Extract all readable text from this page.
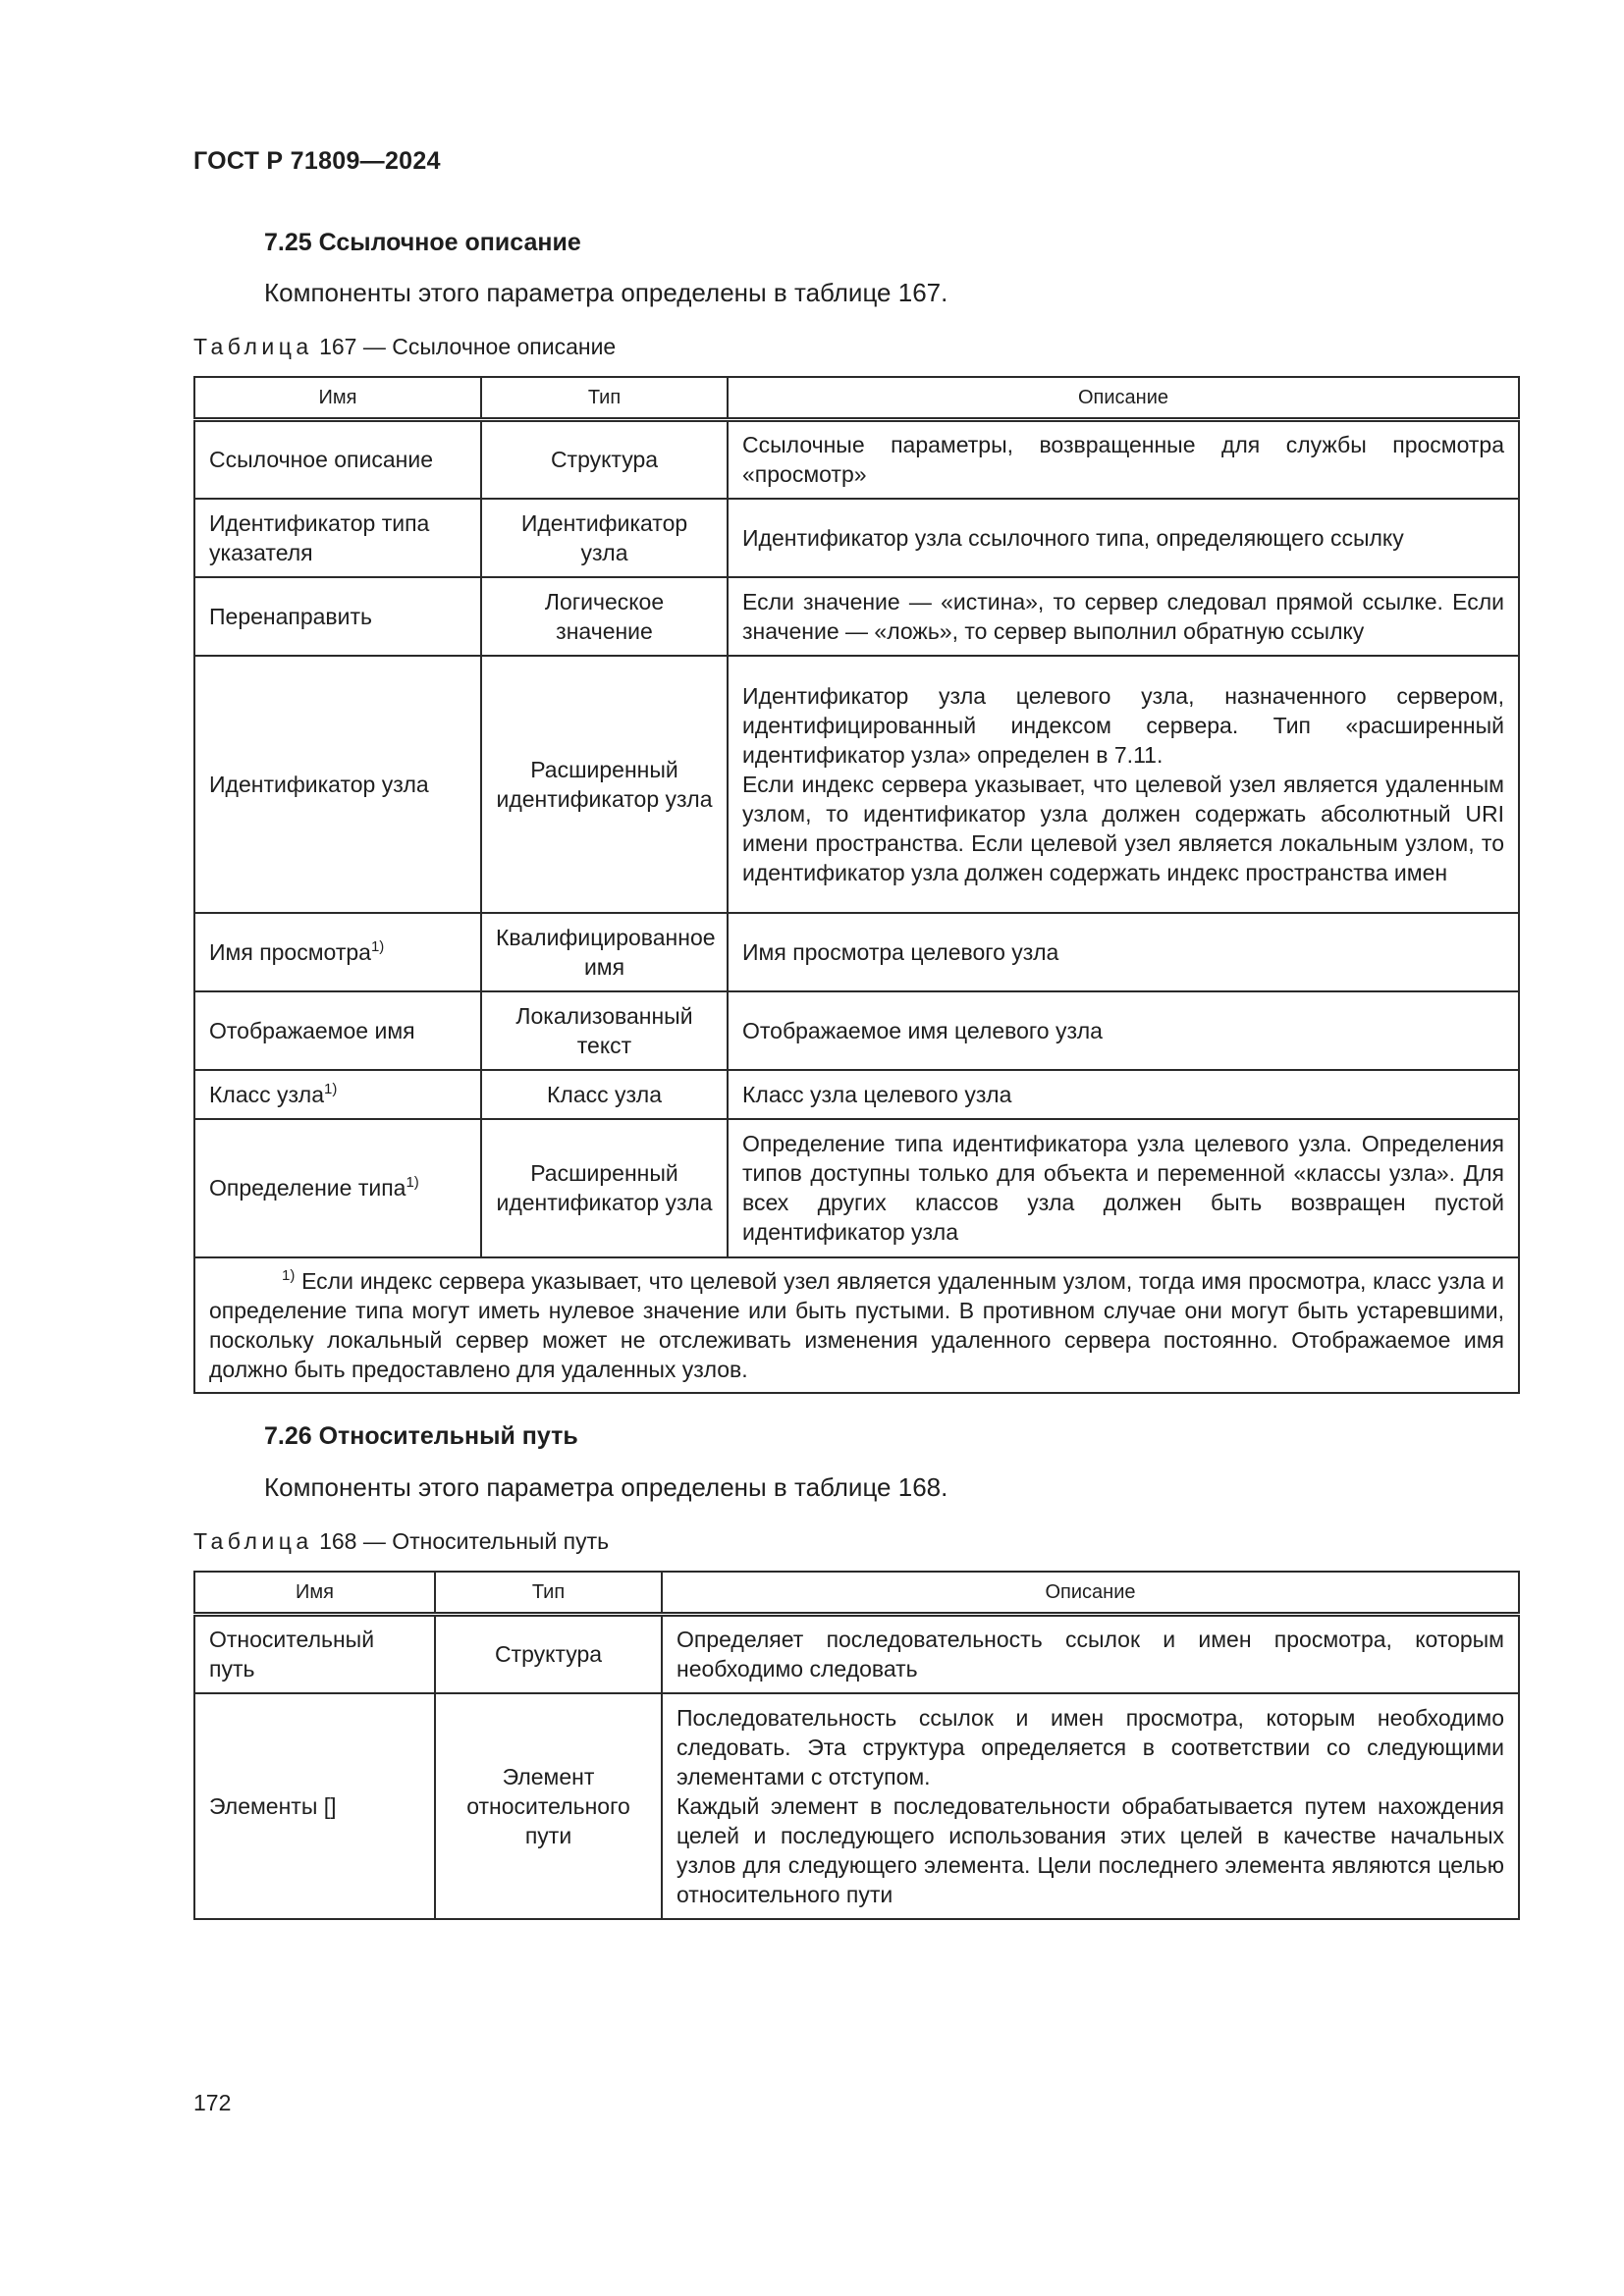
ГОСТ Р 71809—2024
7.25 Ссылочное описание
Компоненты этого параметра определены в таблице 167.
Таблица 167 — Ссылочное описание
Имя	Тип	Описание
Ссылочное описание	Структура	Ссылочные параметры, возвращенные для службы просмотра «просмотр»
Идентификатор типа указателя	Идентификатор узла	Идентификатор узла ссылочного типа, определяющего ссылку
Перенаправить	Логическое значение	Если значение — «истина», то сервер следовал прямой ссылке. Если значение — «ложь», то сервер выполнил обратную ссылку
Идентификатор узла	Расширенный идентификатор узла	Идентификатор узла целевого узла, назначенного сервером, идентифицированный индексом сервера. Тип «расширенный идентификатор узла» определен в 7.11.
Если индекс сервера указывает, что целевой узел является удаленным узлом, то идентификатор узла должен содержать абсолютный URI имени пространства. Если целевой узел является локальным узлом, то идентификатор узла должен содержать индекс пространства имен

Имя просмотра$^{1)}$	Квалифицированное имя	Имя просмотра целевого узла
Отображаемое имя	Локализованный текст	Отображаемое имя целевого узла
Класс узла$^{1)}$	Класс узла	Класс узла целевого узла
Определение типа$^{1)}$	Расширенный идентификатор узла	Определение типа идентификатора узла целевого узла. Определения типов доступны только для объекта и переменной «классы узла». Для всех других классов узла должен быть возвращен пустой идентификатор узла
$^{1)}$ Если индекс сервера указывает, что целевой узел является удаленным узлом, тогда имя просмотра, класс узла и определение типа могут иметь нулевое значение или быть пустыми. В противном случае они могут быть устаревшими, поскольку локальный сервер может не отслеживать изменения удаленного сервера постоянно. Отображаемое имя должно быть предоставлено для удаленных узлов.		
7.26 Относительный путь
Компоненты этого параметра определены в таблице 168.
Таблица 168 — Относительный путь
Имя	Тип	Описание
Относительный путь	Структура	Определяет последовательность ссылок и имен просмотра, которым необходимо следовать
Элементы []	Элемент относительного пути	Последовательность ссылок и имен просмотра, которым необходимо следовать. Эта структура определяется в соответствии со следующими элементами с отступом.
Каждый элемент в последовательности обрабатывается путем нахождения целей и последующего использования этих целей в качестве начальных узлов для следующего элемента. Цели последнего элемента являются целью относительного пути
172
